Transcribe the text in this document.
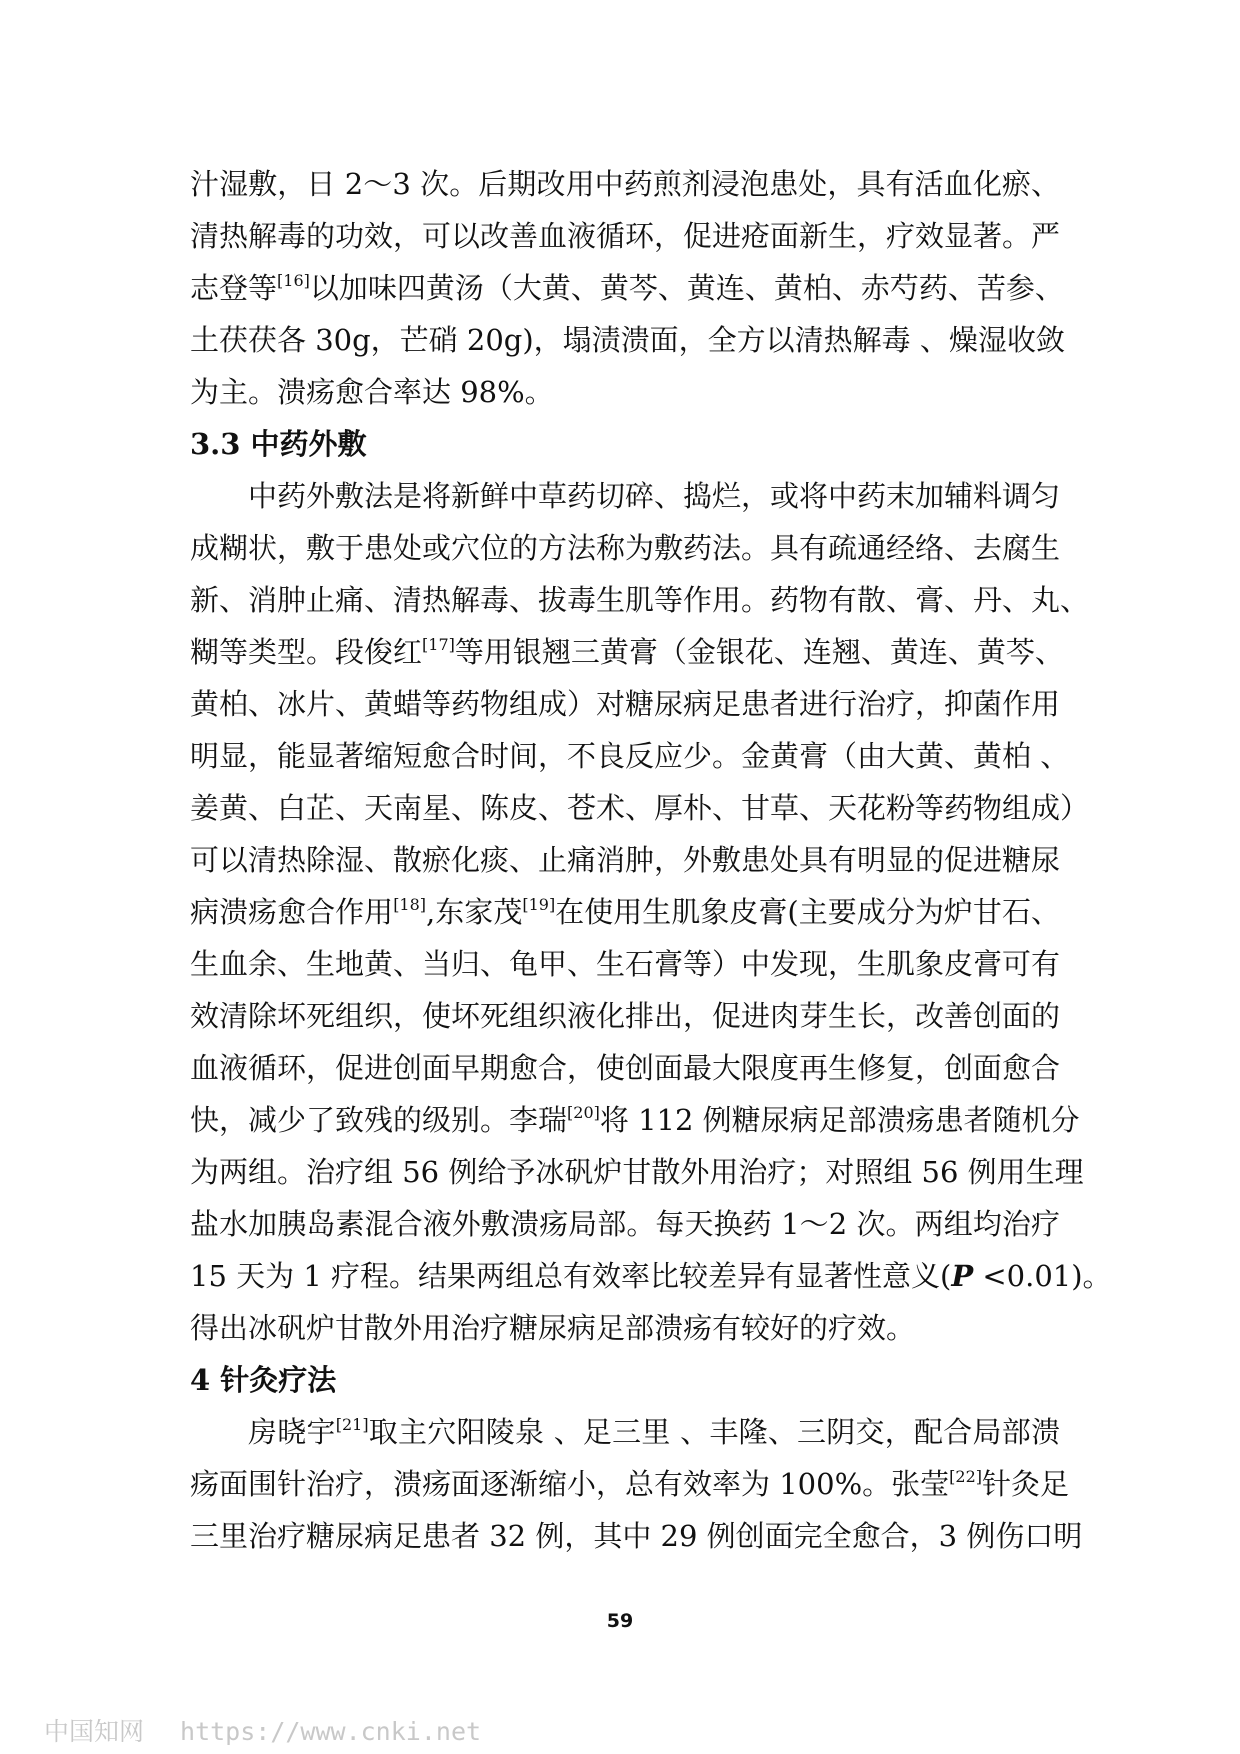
汁湿敷，日 2～3 次。后期改用中药煎剂浸泡患处，具有活血化瘀、
清热解毒的功效，可以改善血液循环，促进疮面新生，疗效显著。严
志登等[16]以加味四黄汤（大黄、黄芩、黄连、黄柏、赤芍药、苦参、
土茯茯各 30g，芒硝 20g)，塌渍溃面，全方以清热解毒 、燥湿收敛
为主。溃疡愈合率达 98%。
3.3 中药外敷
中药外敷法是将新鲜中草药切碎、捣烂，或将中药末加辅料调匀
成糊状，敷于患处或穴位的方法称为敷药法。具有疏通经络、去腐生
新、消肿止痛、清热解毒、拔毒生肌等作用。药物有散、膏、丹、丸、
糊等类型。段俊红[17]等用银翘三黄膏（金银花、连翘、黄连、黄芩、
黄柏、冰片、黄蜡等药物组成）对糖尿病足患者进行治疗，抑菌作用
明显，能显著缩短愈合时间，不良反应少。金黄膏（由大黄、黄柏 、
姜黄、白芷、天南星、陈皮、苍术、厚朴、甘草、天花粉等药物组成）
可以清热除湿、散瘀化痰、止痛消肿，外敷患处具有明显的促进糖尿
病溃疡愈合作用[18],东家茂[19]在使用生肌象皮膏(主要成分为炉甘石、
生血余、生地黄、当归、龟甲、生石膏等）中发现，生肌象皮膏可有
效清除坏死组织，使坏死组织液化排出，促进肉芽生长，改善创面的
血液循环，促进创面早期愈合，使创面最大限度再生修复，创面愈合
快，减少了致残的级别。李瑞[20]将 112 例糖尿病足部溃疡患者随机分
为两组。治疗组 56 例给予冰矾炉甘散外用治疗；对照组 56 例用生理
盐水加胰岛素混合液外敷溃疡局部。每天换药 1～2 次。两组均治疗
15 天为 1 疗程。结果两组总有效率比较差异有显著性意义(P <0.01)。
得出冰矾炉甘散外用治疗糖尿病足部溃疡有较好的疗效。
4 针灸疗法
房晓宇[21]取主穴阳陵泉 、足三里 、丰隆、三阴交，配合局部溃
疡面围针治疗，溃疡面逐渐缩小，总有效率为 100%。张莹[22]针灸足
三里治疗糖尿病足患者 32 例，其中 29 例创面完全愈合，3 例伤口明
59
中国知网 https://www.cnki.net
